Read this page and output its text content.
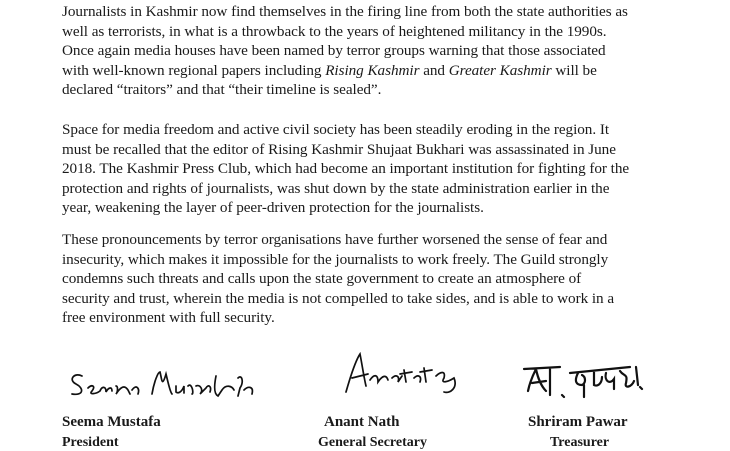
Journalists in Kashmir now find themselves in the firing line from both the state authorities as
well as terrorists, in what is a throwback to the years of heightened militancy in the 1990s.
Once again media houses have been named by terror groups warning that those associated
with well-known regional papers including Rising Kashmir and Greater Kashmir will be
declared “traitors” and that “their timeline is sealed”.
Space for media freedom and active civil society has been steadily eroding in the region. It
must be recalled that the editor of Rising Kashmir Shujaat Bukhari was assassinated in June
2018. The Kashmir Press Club, which had become an important institution for fighting for the
protection and rights of journalists, was shut down by the state administration earlier in the
year, weakening the layer of peer-driven protection for the journalists.
These pronouncements by terror organisations have further worsened the sense of fear and
insecurity, which makes it impossible for the journalists to work freely. The Guild strongly
condemns such threats and calls upon the state government to create an atmosphere of
security and trust, wherein the media is not compelled to take sides, and is able to work in a
free environment with full security.
Seema Mustafa
President
Anant Nath
General Secretary
Shriram Pawar
Treasurer
